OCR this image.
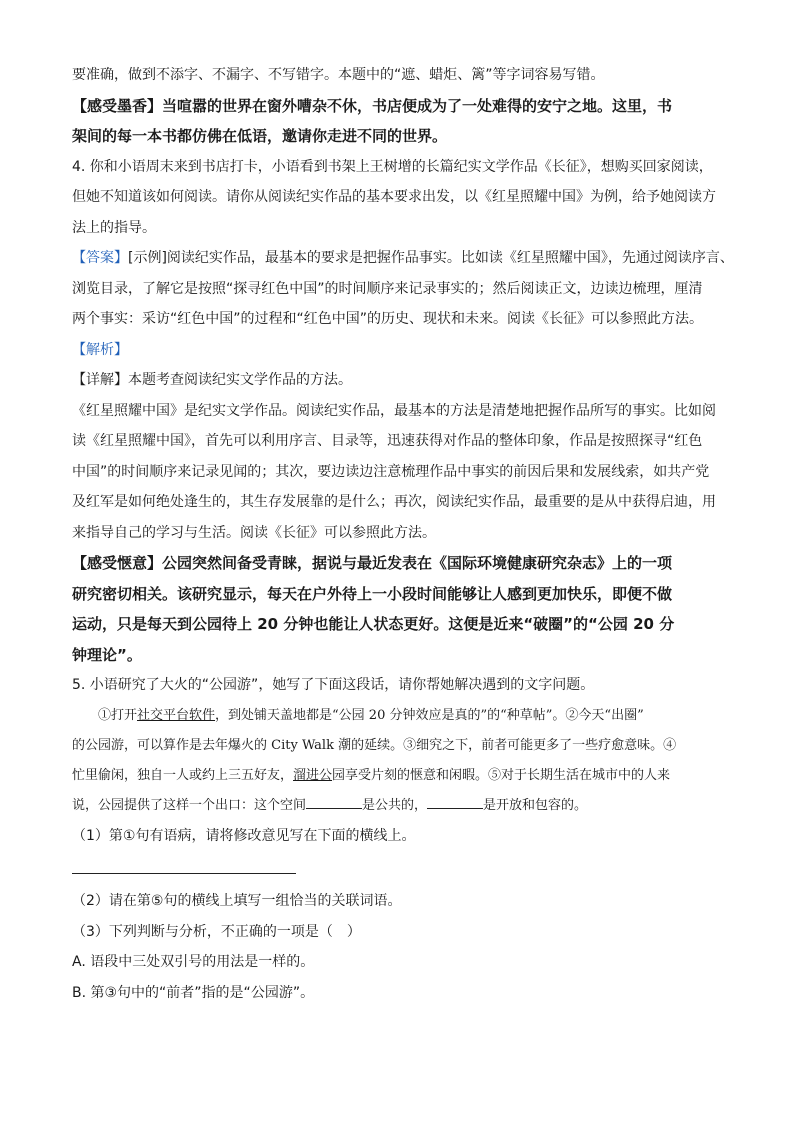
要准确，做到不添字、不漏字、不写错字。本题中的“遮、蜡炬、篱”等字词容易写错。

【感受墨香】当喧嚣的世界在窗外嘈杂不休，书店便成为了一处难得的安宁之地。这里，书

架间的每一本书都仿佛在低语，邀请你走进不同的世界。

4. 你和小语周末来到书店打卡，小语看到书架上王树增的长篇纪实文学作品《长征》，想购买回家阅读，

但她不知道该如何阅读。请你从阅读纪实作品的基本要求出发，以《红星照耀中国》为例，给予她阅读方

法上的指导。

【答案】[示例]阅读纪实作品，最基本的要求是把握作品事实。比如读《红星照耀中国》，先通过阅读序言、

浏览目录，了解它是按照“探寻红色中国”的时间顺序来记录事实的；然后阅读正文，边读边梳理，厘清

两个事实：采访“红色中国”的过程和“红色中国”的历史、现状和未来。阅读《长征》可以参照此方法。

【解析】

【详解】本题考查阅读纪实文学作品的方法。

《红星照耀中国》是纪实文学作品。阅读纪实作品，最基本的方法是清楚地把握作品所写的事实。比如阅

读《红星照耀中国》，首先可以利用序言、目录等，迅速获得对作品的整体印象，作品是按照探寻“红色

中国”的时间顺序来记录见闻的；其次，要边读边注意梳理作品中事实的前因后果和发展线索，如共产党

及红军是如何绝处逢生的，其生存发展靠的是什么；再次，阅读纪实作品，最重要的是从中获得启迪，用

来指导自己的学习与生活。阅读《长征》可以参照此方法。

【感受惬意】公园突然间备受青睐，据说与最近发表在《国际环境健康研究杂志》上的一项

研究密切相关。该研究显示，每天在户外待上一小段时间能够让人感到更加快乐，即便不做

运动，只是每天到公园待上 20 分钟也能让人状态更好。这便是近来“破圈”的“公园 20 分

钟理论”。

5. 小语研究了大火的“公园游”，她写了下面这段话，请你帮她解决遇到的文字问题。

①打开社交平台软件，到处铺天盖地都是“公园 20 分钟效应是真的”的“种草帖”。②今天“出圈”

的公园游，可以算作是去年爆火的 City Walk 潮的延续。③细究之下，前者可能更多了一些疗愈意味。④

忙里偷闲，独自一人或约上三五好友，溜进公园享受片刻的惬意和闲暇。⑤对于长期生活在城市中的人来

说，公园提供了这样一个出口：这个空间	是公共的，	是开放和包容的。

（1）第①句有语病，请将修改意见写在下面的横线上。

（2）请在第⑤句的横线上填写一组恰当的关联词语。

（3）下列判断与分析，不正确的一项是（　）

A. 语段中三处双引号的用法是一样的。

B. 第③句中的“前者”指的是“公园游”。
